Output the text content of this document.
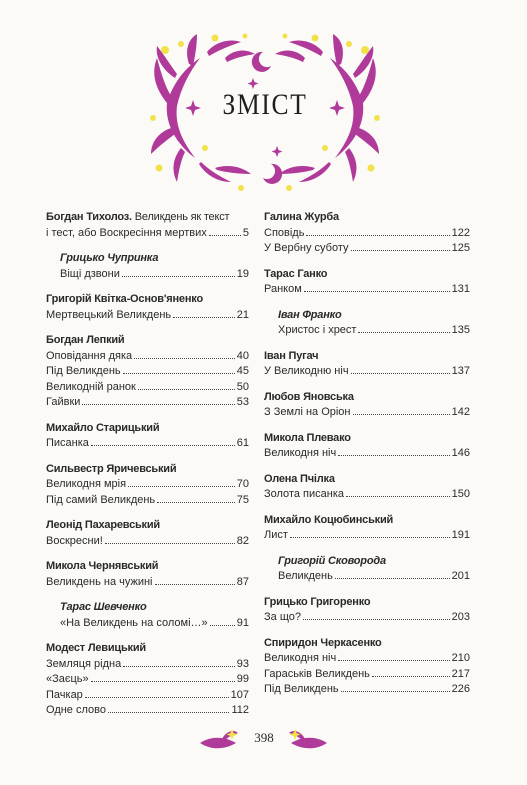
ЗМІСТ
Богдан Тихолоз. Великдень як текст
і тест, або Воскресіння мертвих	5
Грицько Чупринка
Віщі дзвони	19
Григорій Квітка-Основ'яненко
Мертвецький Великдень	21
Богдан Лепкий
Оповідання дяка	40
Під Великдень	45
Великодній ранок	50
Гайвки	53
Михайло Старицький
Писанка	61
Сильвестр Яричевський
Великодня мрія	70
Під самий Великдень	75
Леонід Пахаревський
Воскресни!	82
Микола Чернявський
Великдень на чужині	87
Тарас Шевченко
«На Великдень на соломі…»	91
Модест Левицький
Земляця рідна	93
«Заєць»	99
Пачкар	107
Одне слово	112
Галина Журба
Сповідь	122
У Вербну суботу	125
Тарас Ганко
Ранком	131
Іван Франко
Христос і хрест	135
Іван Пугач
У Великодню ніч	137
Любов Яновська
З Землі на Оріон	142
Микола Плевако
Великодня ніч	146
Олена Пчілка
Золота писанка	150
Михайло Коцюбинський
Лист	191
Григорій Сковорода
Великдень	201
Грицько Григоренко
За що?	203
Спиридон Черкасенко
Великодня ніч	210
Гараськів Великдень	217
Під Великдень	226
398
